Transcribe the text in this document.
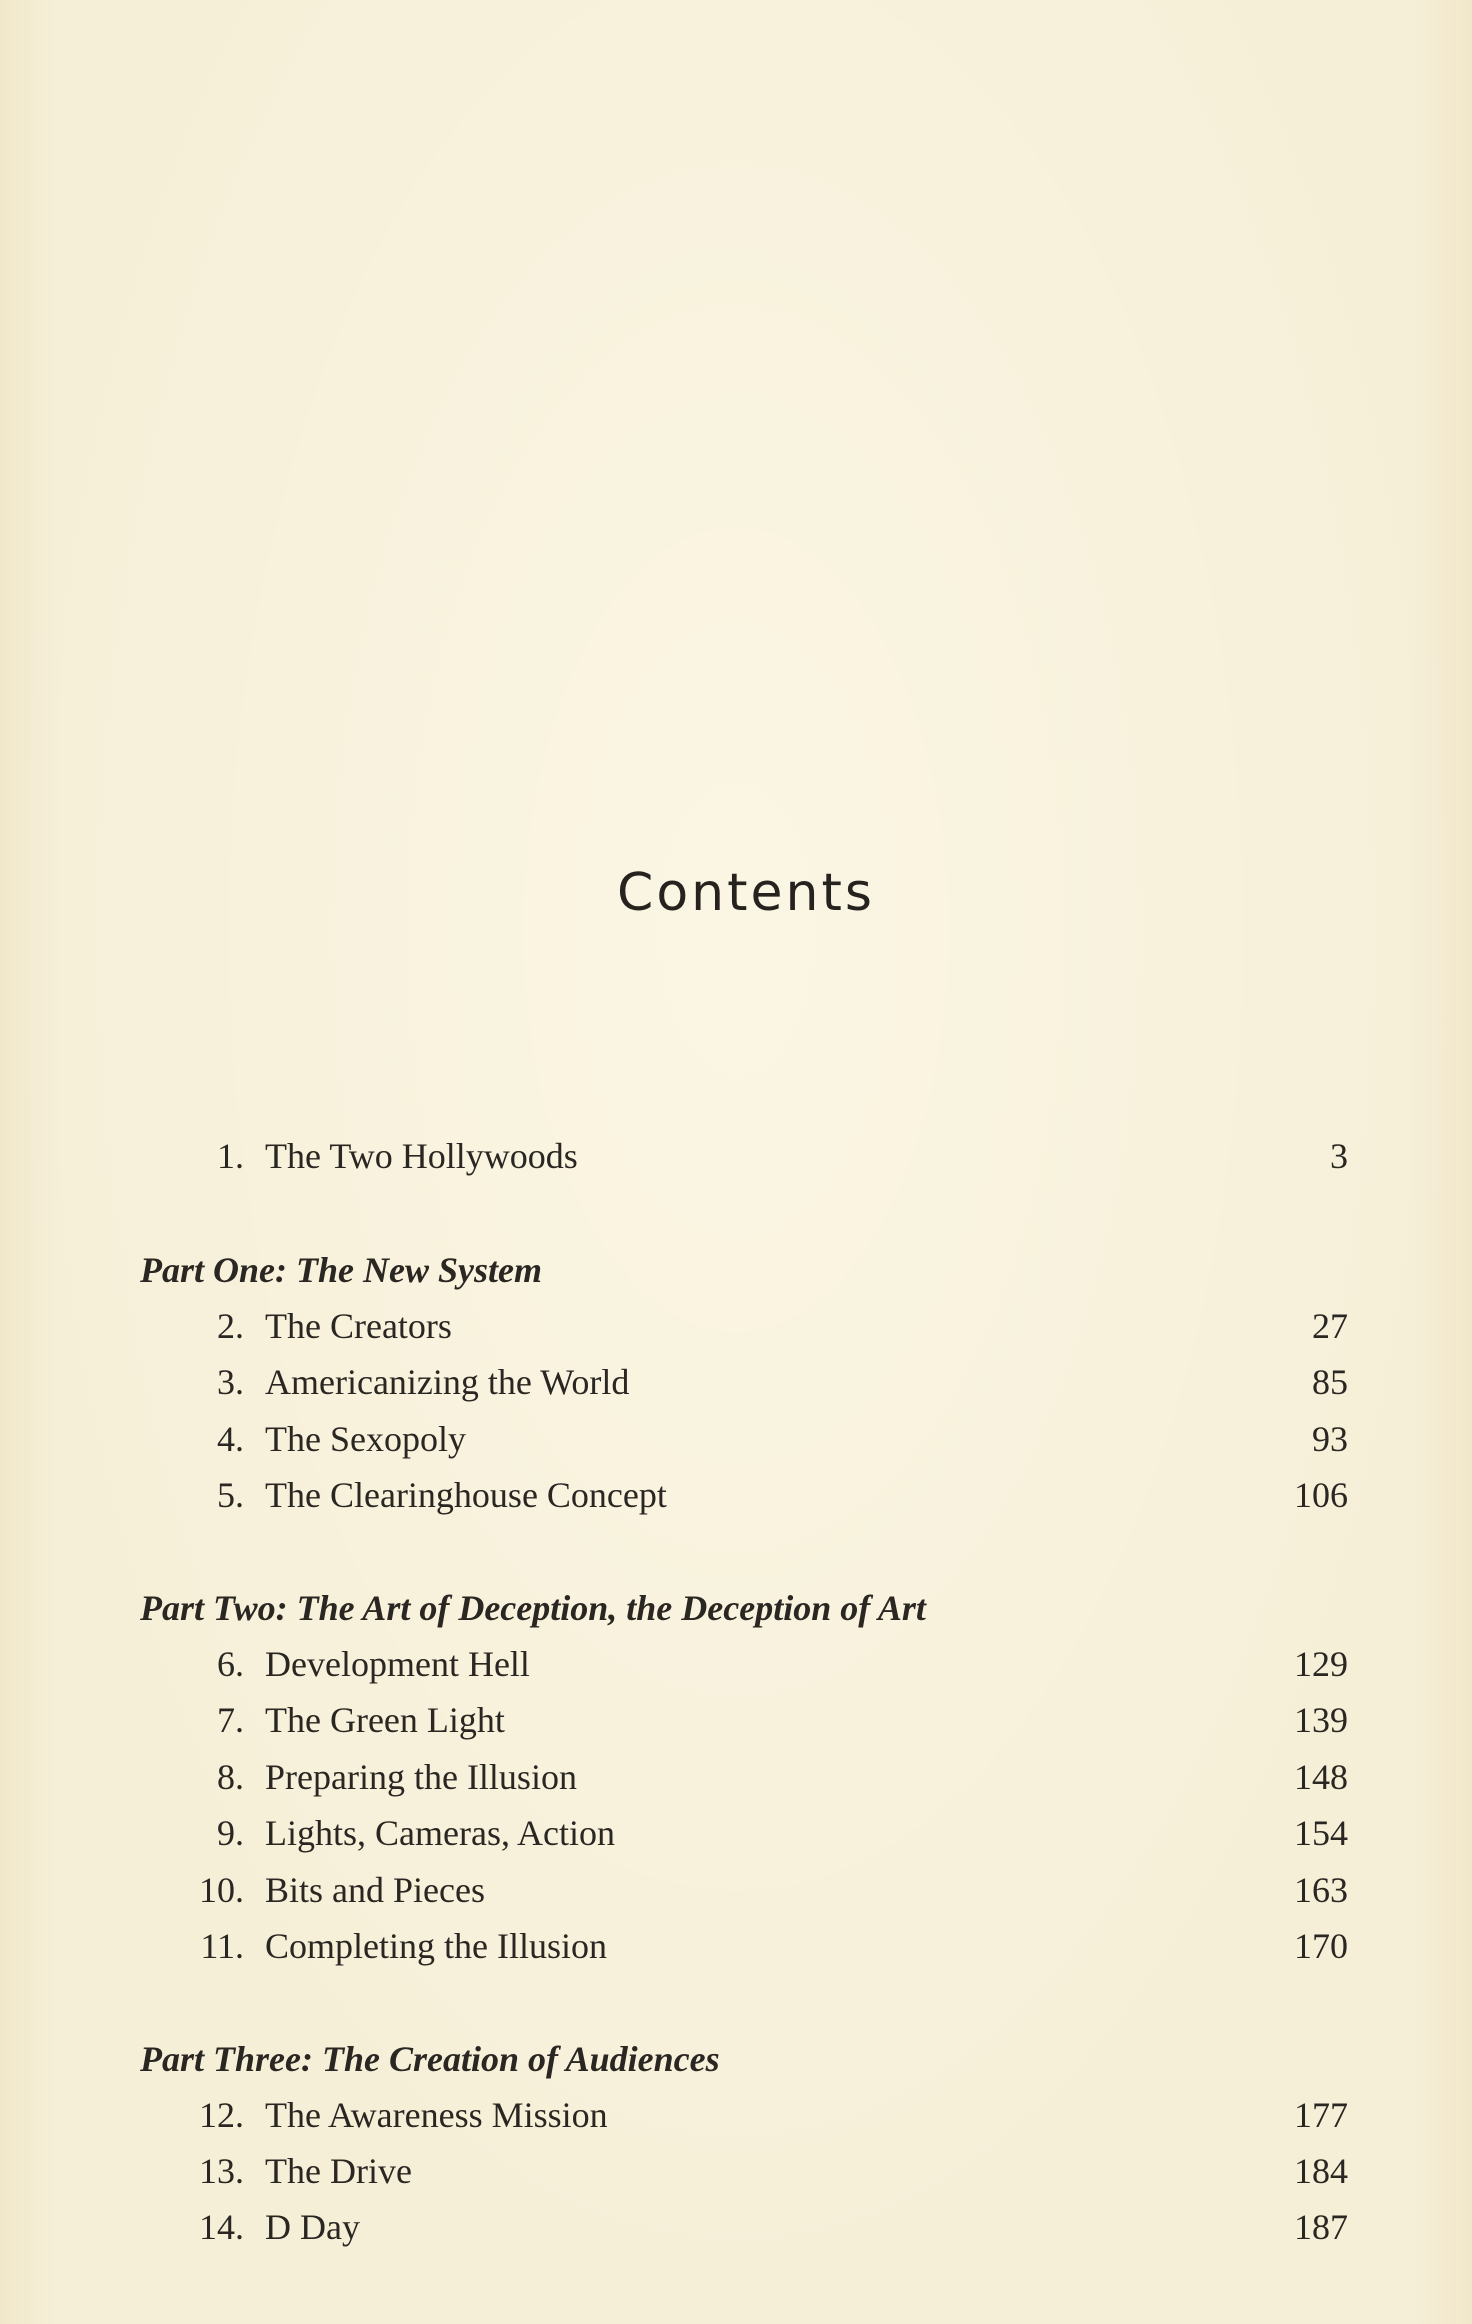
Contents
1. The Two Hollywoods	3
Part One: The New System
2. The Creators	27
3. Americanizing the World	85
4. The Sexopoly	93
5. The Clearinghouse Concept	106
Part Two: The Art of Deception, the Deception of Art
6. Development Hell	129
7. The Green Light	139
8. Preparing the Illusion	148
9. Lights, Cameras, Action	154
10. Bits and Pieces	163
11. Completing the Illusion	170
Part Three: The Creation of Audiences
12. The Awareness Mission	177
13. The Drive	184
14. D Day	187
